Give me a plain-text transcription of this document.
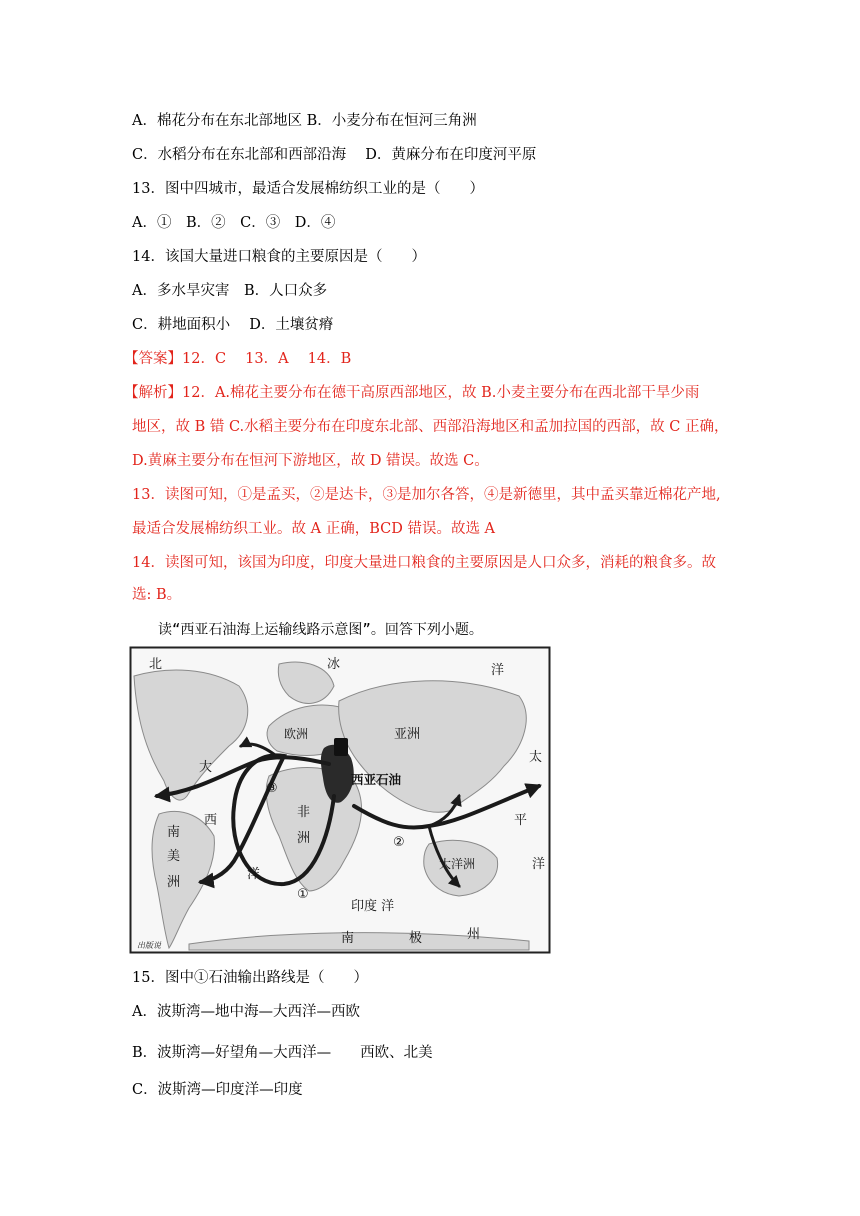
A．棉花分布在东北部地区 B．小麦分布在恒河三角洲
C．水稻分布在东北部和西部沿海　 D．黄麻分布在印度河平原
13．图中四城市，最适合发展棉纺织工业的是（　　）
A．①　B．②　C．③　D．④
14．该国大量进口粮食的主要原因是（　　）
A．多水旱灾害　B．人口众多
C．耕地面积小　 D．土壤贫瘠
【答案】12．C　 13．A　 14．B
【解析】12．A.棉花主要分布在德干高原西部地区，故 B.小麦主要分布在西北部干旱少雨
地区，故 B 错 C.水稻主要分布在印度东北部、西部沿海地区和孟加拉国的西部，故 C 正确，
D.黄麻主要分布在恒河下游地区，故 D 错误。故选 C。
13．读图可知，①是孟买，②是达卡，③是加尔各答，④是新德里，其中孟买靠近棉花产地,
最适合发展棉纺织工业。故 A 正确，BCD 错误。故选 A
14．读图可知，该国为印度，印度大量进口粮食的主要原因是人口众多，消耗的粮食多。故
选: B。
读“西亚石油海上运输线路示意图”。回答下列小题。
北	冰	洋
欧洲	亚洲
太
大
西
洋
平
洋
南
美
洲
非
洲
西亚石油
大洋洲
印度 洋
南	极	州
出版说
①
②
③
15．图中①石油输出路线是（　　）
A．波斯湾—地中海—大西洋—西欧
B．波斯湾—好望角—大西洋—　　西欧、北美
C．波斯湾—印度洋—印度
